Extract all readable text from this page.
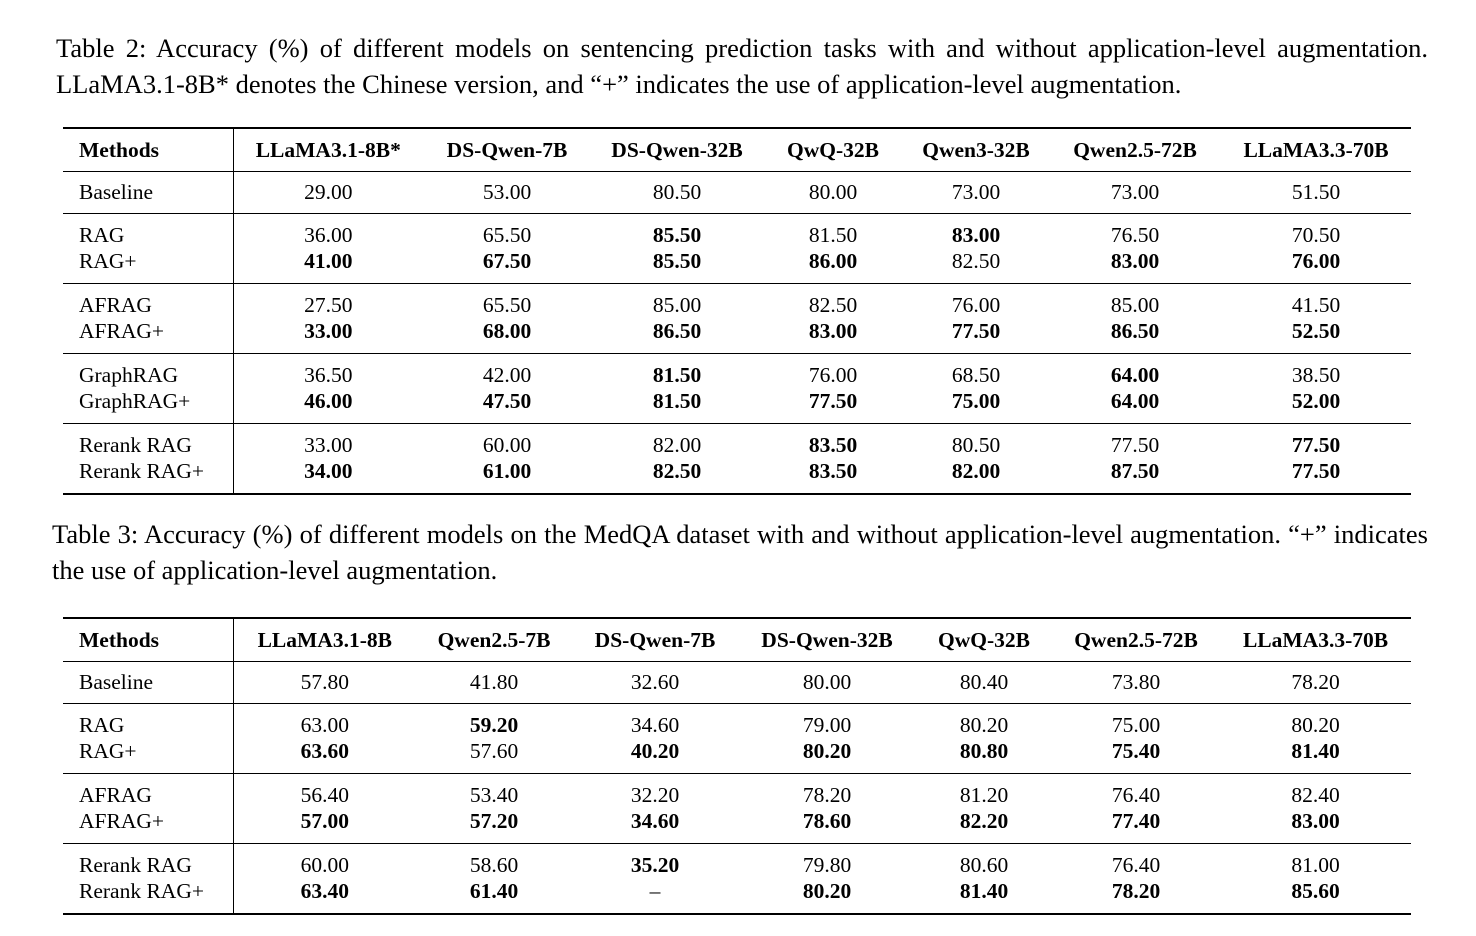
Table 2: Accuracy (%) of different models on sentencing prediction tasks with and without application-level augmentation. LLaMA3.1-8B* denotes the Chinese version, and “+” indicates the use of application-level augmentation.
Methods	LLaMA3.1-8B*	DS-Qwen-7B	DS-Qwen-32B	QwQ-32B	Qwen3-32B	Qwen2.5-72B	LLaMA3.3-70B
Baseline	29.00	53.00	80.50	80.00	73.00	73.00	51.50
RAG	36.00	65.50	85.50	81.50	83.00	76.50	70.50
RAG+	41.00	67.50	85.50	86.00	82.50	83.00	76.00
AFRAG	27.50	65.50	85.00	82.50	76.00	85.00	41.50
AFRAG+	33.00	68.00	86.50	83.00	77.50	86.50	52.50
GraphRAG	36.50	42.00	81.50	76.00	68.50	64.00	38.50
GraphRAG+	46.00	47.50	81.50	77.50	75.00	64.00	52.00
Rerank RAG	33.00	60.00	82.00	83.50	80.50	77.50	77.50
Rerank RAG+	34.00	61.00	82.50	83.50	82.00	87.50	77.50
Table 3: Accuracy (%) of different models on the MedQA dataset with and without application-level augmentation. “+” indicates the use of application-level augmentation.
Methods	LLaMA3.1-8B	Qwen2.5-7B	DS-Qwen-7B	DS-Qwen-32B	QwQ-32B	Qwen2.5-72B	LLaMA3.3-70B
Baseline	57.80	41.80	32.60	80.00	80.40	73.80	78.20
RAG	63.00	59.20	34.60	79.00	80.20	75.00	80.20
RAG+	63.60	57.60	40.20	80.20	80.80	75.40	81.40
AFRAG	56.40	53.40	32.20	78.20	81.20	76.40	82.40
AFRAG+	57.00	57.20	34.60	78.60	82.20	77.40	83.00
Rerank RAG	60.00	58.60	35.20	79.80	80.60	76.40	81.00
Rerank RAG+	63.40	61.40	–	80.20	81.40	78.20	85.60
